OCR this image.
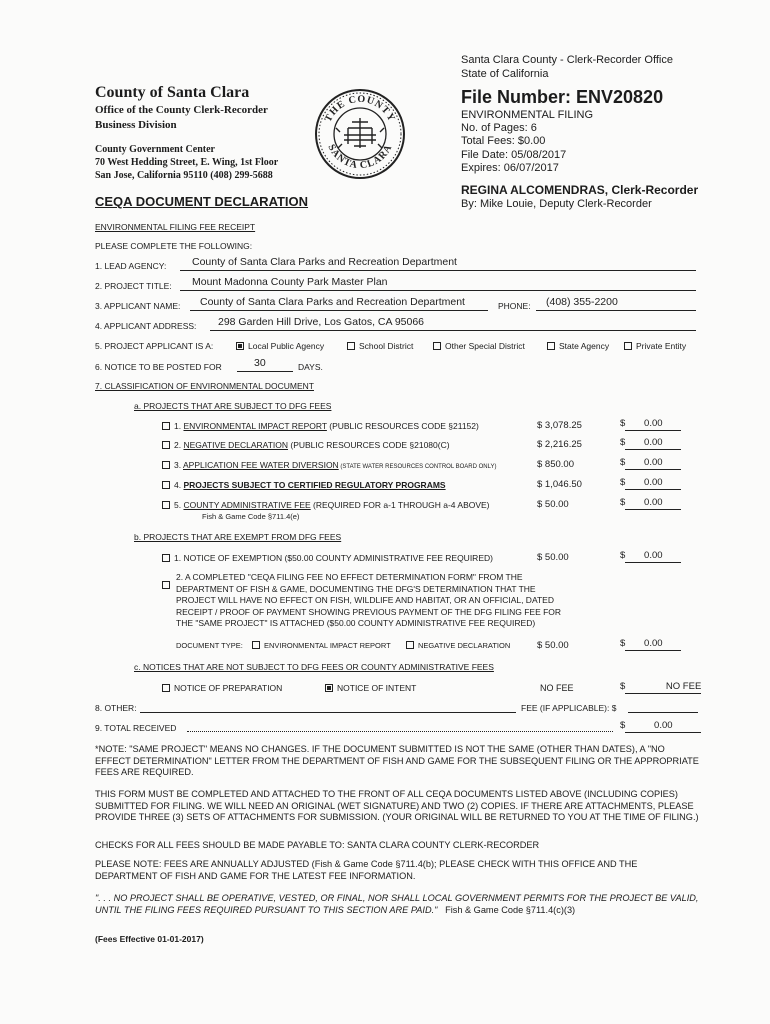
County of Santa Clara
Office of the County Clerk-Recorder
Business Division
County Government Center
70 West Hedding Street, E. Wing, 1st Floor
San Jose, California 95110 (408) 299-5688
CEQA DOCUMENT DECLARATION
THE COUNTY
SANTA CLARA
Santa Clara County - Clerk-Recorder Office
State of California
File Number: ENV20820
ENVIRONMENTAL FILING
No. of Pages: 6
Total Fees: $0.00
File Date: 05/08/2017
Expires: 06/07/2017
REGINA ALCOMENDRAS, Clerk-Recorder
By: Mike Louie, Deputy Clerk-Recorder
ENVIRONMENTAL FILING FEE RECEIPT
PLEASE COMPLETE THE FOLLOWING:
1. LEAD AGENCY: County of Santa Clara Parks and Recreation Department
2. PROJECT TITLE: Mount Madonna County Park Master Plan
3. APPLICANT NAME: County of Santa Clara Parks and Recreation Department	PHONE: (408) 355-2200
4. APPLICANT ADDRESS: 298 Garden Hill Drive, Los Gatos, CA 95066
5. PROJECT APPLICANT IS A:	Local Public Agency	School District	Other Special District	State Agency	Private Entity
6. NOTICE TO BE POSTED FOR	30	DAYS.
7. CLASSIFICATION OF ENVIRONMENTAL DOCUMENT
a. PROJECTS THAT ARE SUBJECT TO DFG FEES
1. ENVIRONMENTAL IMPACT REPORT (PUBLIC RESOURCES CODE §21152)	$ 3,078.25	$ 0.00
2. NEGATIVE DECLARATION (PUBLIC RESOURCES CODE §21080(C)	$ 2,216.25	$ 0.00
3. APPLICATION FEE WATER DIVERSION (STATE WATER RESOURCES CONTROL BOARD ONLY)	$ 850.00	$ 0.00
4. PROJECTS SUBJECT TO CERTIFIED REGULATORY PROGRAMS	$ 1,046.50	$ 0.00
5. COUNTY ADMINISTRATIVE FEE (REQUIRED FOR a-1 THROUGH a-4 ABOVE)
Fish & Game Code §711.4(e)
$ 50.00	$ 0.00
b. PROJECTS THAT ARE EXEMPT FROM DFG FEES
1. NOTICE OF EXEMPTION ($50.00 COUNTY ADMINISTRATIVE FEE REQUIRED)	$ 50.00	$ 0.00
2. A COMPLETED "CEQA FILING FEE NO EFFECT DETERMINATION FORM" FROM THE DEPARTMENT OF FISH & GAME, DOCUMENTING THE DFG'S DETERMINATION THAT THE PROJECT WILL HAVE NO EFFECT ON FISH, WILDLIFE AND HABITAT, OR AN OFFICIAL, DATED RECEIPT / PROOF OF PAYMENT SHOWING PREVIOUS PAYMENT OF THE DFG FILING FEE FOR THE "SAME PROJECT" IS ATTACHED ($50.00 COUNTY ADMINISTRATIVE FEE REQUIRED)
DOCUMENT TYPE:	ENVIRONMENTAL IMPACT REPORT	NEGATIVE DECLARATION	$ 50.00	$ 0.00
c. NOTICES THAT ARE NOT SUBJECT TO DFG FEES OR COUNTY ADMINISTRATIVE FEES
NOTICE OF PREPARATION	NOTICE OF INTENT	NO FEE	$	NO FEE
8. OTHER:	FEE (IF APPLICABLE): $
9. TOTAL RECEIVED	$	0.00
*NOTE: "SAME PROJECT" MEANS NO CHANGES. IF THE DOCUMENT SUBMITTED IS NOT THE SAME (OTHER THAN DATES), A "NO EFFECT DETERMINATION" LETTER FROM THE DEPARTMENT OF FISH AND GAME FOR THE SUBSEQUENT FILING OR THE APPROPRIATE FEES ARE REQUIRED.
THIS FORM MUST BE COMPLETED AND ATTACHED TO THE FRONT OF ALL CEQA DOCUMENTS LISTED ABOVE (INCLUDING COPIES) SUBMITTED FOR FILING. WE WILL NEED AN ORIGINAL (WET SIGNATURE) AND TWO (2) COPIES. IF THERE ARE ATTACHMENTS, PLEASE PROVIDE THREE (3) SETS OF ATTACHMENTS FOR SUBMISSION. (YOUR ORIGINAL WILL BE RETURNED TO YOU AT THE TIME OF FILING.)
CHECKS FOR ALL FEES SHOULD BE MADE PAYABLE TO: SANTA CLARA COUNTY CLERK-RECORDER
PLEASE NOTE: FEES ARE ANNUALLY ADJUSTED (Fish & Game Code §711.4(b); PLEASE CHECK WITH THIS OFFICE AND THE DEPARTMENT OF FISH AND GAME FOR THE LATEST FEE INFORMATION.
". . . NO PROJECT SHALL BE OPERATIVE, VESTED, OR FINAL, NOR SHALL LOCAL GOVERNMENT PERMITS FOR THE PROJECT BE VALID, UNTIL THE FILING FEES REQUIRED PURSUANT TO THIS SECTION ARE PAID." Fish & Game Code §711.4(c)(3)
(Fees Effective 01-01-2017)
